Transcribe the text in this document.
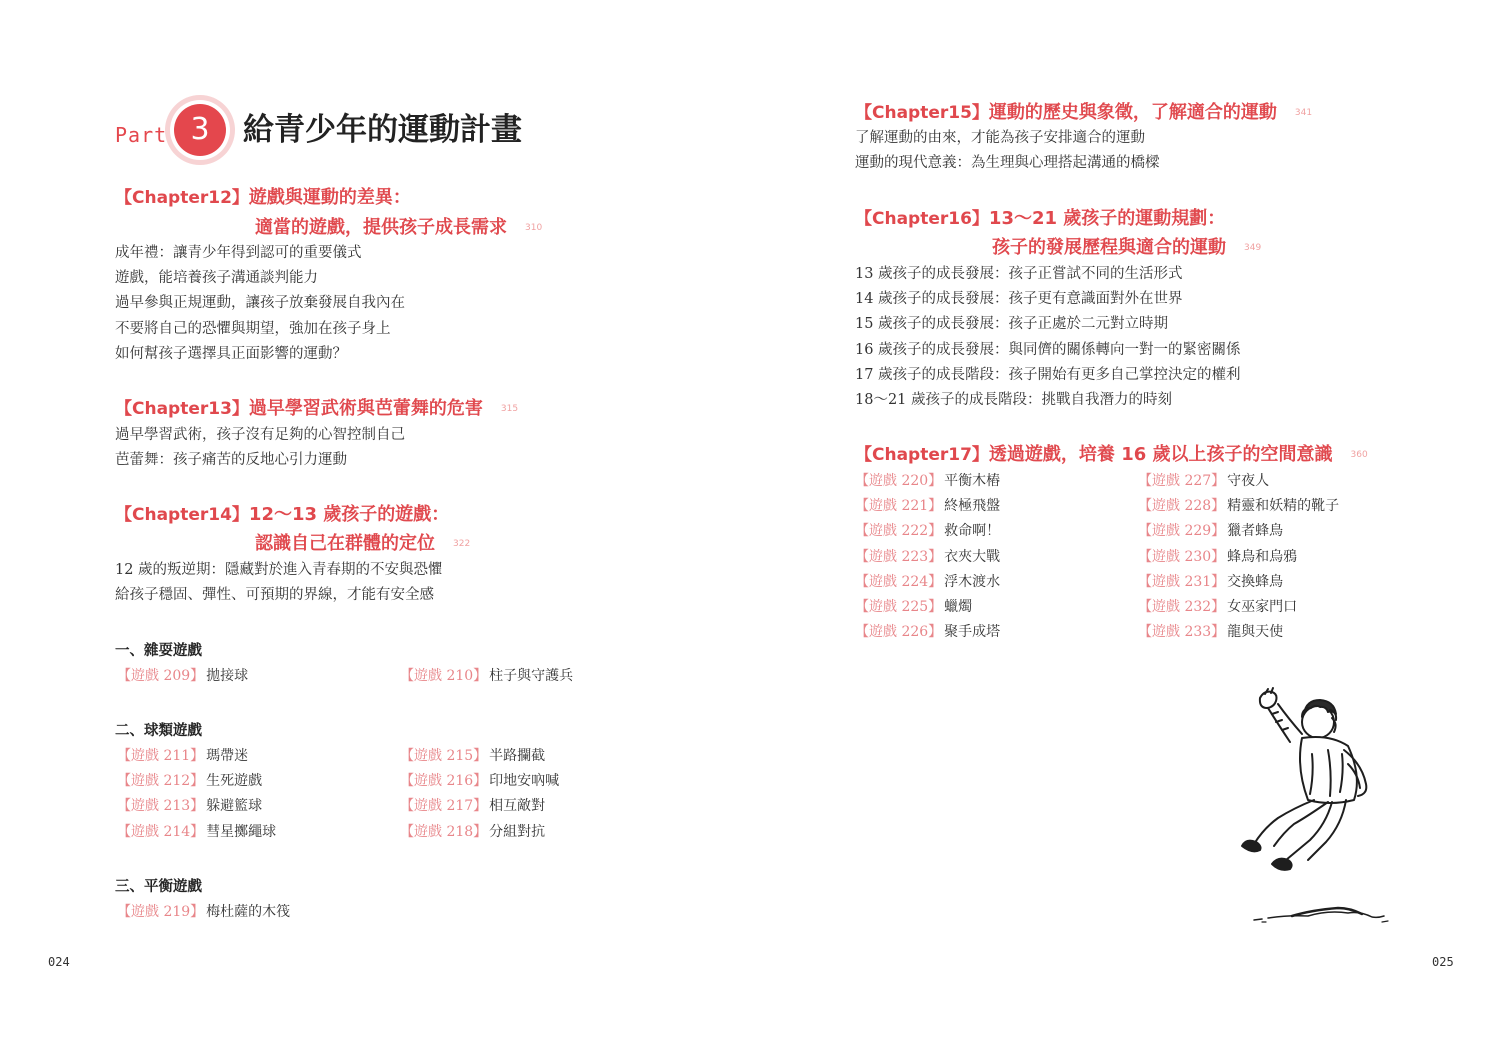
Part 3	給青少年的運動計畫
【Chapter12】遊戲與運動的差異：
適當的遊戲，提供孩子成長需求 310
成年禮：讓青少年得到認可的重要儀式
遊戲，能培養孩子溝通談判能力
過早參與正規運動，讓孩子放棄發展自我內在
不要將自己的恐懼與期望，強加在孩子身上
如何幫孩子選擇具正面影響的運動？
【Chapter13】過早學習武術與芭蕾舞的危害 315
過早學習武術，孩子沒有足夠的心智控制自己
芭蕾舞：孩子痛苦的反地心引力運動
【Chapter14】12～13 歲孩子的遊戲：
認識自己在群體的定位 322
12 歲的叛逆期：隱藏對於進入青春期的不安與恐懼
給孩子穩固、彈性、可預期的界線，才能有安全感
一、雜耍遊戲
【遊戲 209】 拋接球	【遊戲 210】 柱子與守護兵
二、球類遊戲
【遊戲 211】 瑪帶迷
【遊戲 212】 生死遊戲
【遊戲 213】 躲避籃球
【遊戲 214】 彗星擲繩球
【遊戲 215】 半路攔截
【遊戲 216】 印地安吶喊
【遊戲 217】 相互敵對
【遊戲 218】 分組對抗
三、平衡遊戲
【遊戲 219】 梅杜薩的木筏
024
【Chapter15】運動的歷史與象徵，了解適合的運動 341
了解運動的由來，才能為孩子安排適合的運動
運動的現代意義：為生理與心理搭起溝通的橋樑
【Chapter16】13～21 歲孩子的運動規劃：
孩子的發展歷程與適合的運動 349
13 歲孩子的成長發展：孩子正嘗試不同的生活形式
14 歲孩子的成長發展：孩子更有意識面對外在世界
15 歲孩子的成長發展：孩子正處於二元對立時期
16 歲孩子的成長發展：與同儕的關係轉向一對一的緊密關係
17 歲孩子的成長階段：孩子開始有更多自己掌控決定的權利
18～21 歲孩子的成長階段：挑戰自我潛力的時刻
【Chapter17】透過遊戲，培養 16 歲以上孩子的空間意識 360
【遊戲 220】 平衡木樁
【遊戲 221】 終極飛盤
【遊戲 222】 救命啊！
【遊戲 223】 衣夾大戰
【遊戲 224】 浮木渡水
【遊戲 225】 蠟燭
【遊戲 226】 聚手成塔
【遊戲 227】 守夜人
【遊戲 228】 精靈和妖精的靴子
【遊戲 229】 獵者蜂鳥
【遊戲 230】 蜂鳥和烏鴉
【遊戲 231】 交換蜂鳥
【遊戲 232】 女巫家門口
【遊戲 233】 龍與天使
025
